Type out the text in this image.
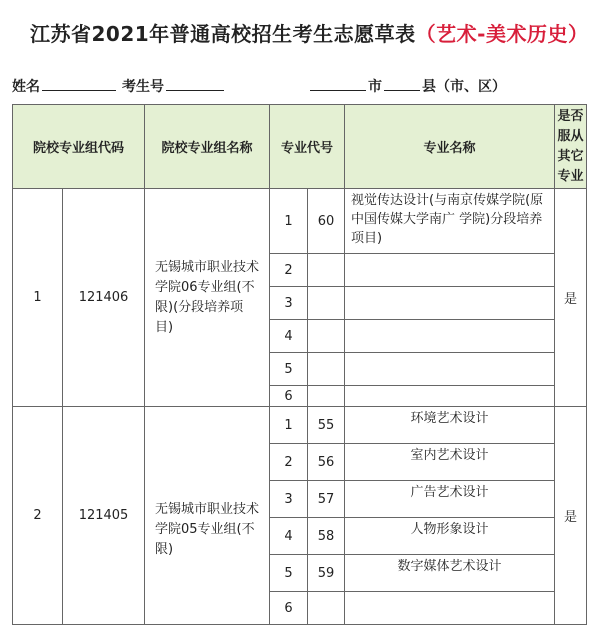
江苏省2021年普通高校招生考生志愿草表（艺术-美术历史）
姓名	考生号	市	县（市、区）
院校专业组代码		院校专业组名称	专业代号		专业名称	是否服从其它专业
1	121406	无锡城市职业技术学院06专业组(不限)(分段培养项目)	1	60	视觉传达设计(与南京传媒学院(原中国传媒大学南广 学院)分段培养项目)	是
			2			
			3			
			4			
			5			
			6			
2	121405	无锡城市职业技术学院05专业组(不限)	1	55	环境艺术设计	是
			2	56	室内艺术设计	
			3	57	广告艺术设计	
			4	58	人物形象设计	
			5	59	数字媒体艺术设计	
			6			
